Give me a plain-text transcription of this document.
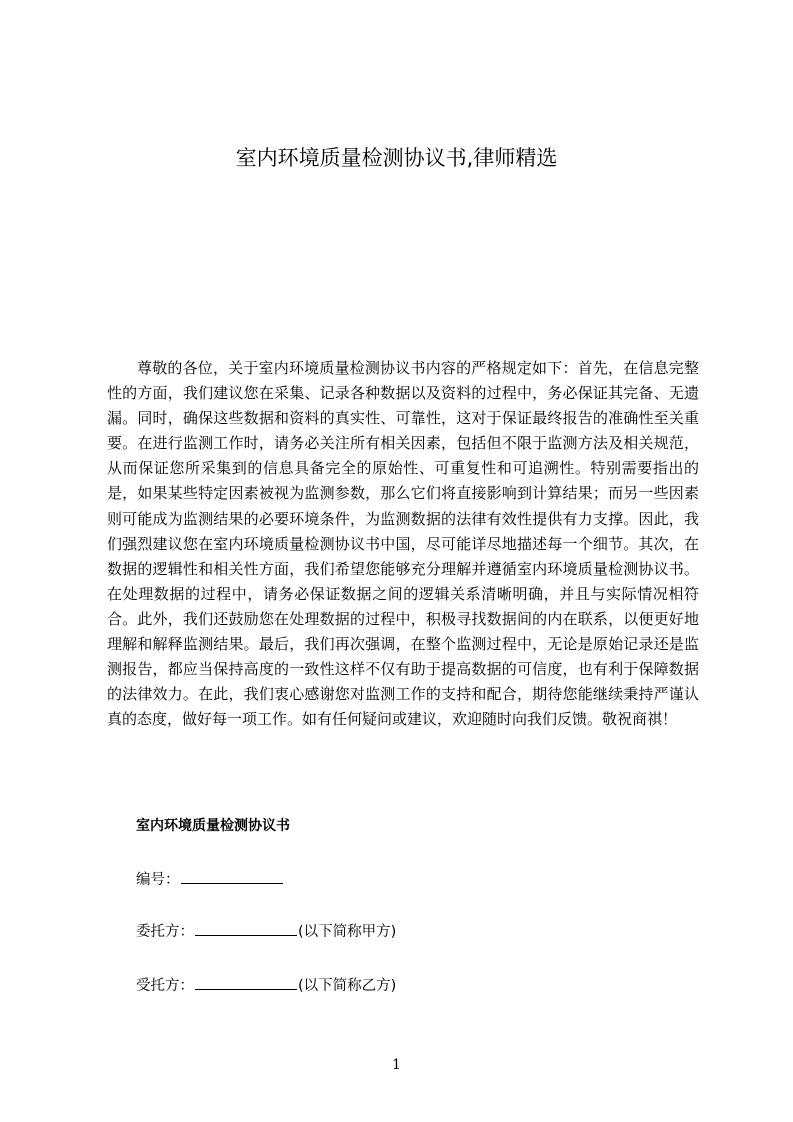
室内环境质量检测协议书,律师精选

尊敬的各位，关于室内环境质量检测协议书内容的严格规定如下：首先，在信息完整性的方面，我们建议您在采集、记录各种数据以及资料的过程中，务必保证其完备、无遗漏。同时，确保这些数据和资料的真实性、可靠性，这对于保证最终报告的准确性至关重要。在进行监测工作时，请务必关注所有相关因素，包括但不限于监测方法及相关规范，从而保证您所采集到的信息具备完全的原始性、可重复性和可追溯性。特别需要指出的是，如果某些特定因素被视为监测参数，那么它们将直接影响到计算结果；而另一些因素则可能成为监测结果的必要环境条件，为监测数据的法律有效性提供有力支撑。因此，我们强烈建议您在室内环境质量检测协议书中国，尽可能详尽地描述每一个细节。其次，在数据的逻辑性和相关性方面，我们希望您能够充分理解并遵循室内环境质量检测协议书。在处理数据的过程中，请务必保证数据之间的逻辑关系清晰明确，并且与实际情况相符合。此外，我们还鼓励您在处理数据的过程中，积极寻找数据间的内在联系，以便更好地理解和解释监测结果。最后，我们再次强调，在整个监测过程中，无论是原始记录还是监测报告，都应当保持高度的一致性这样不仅有助于提高数据的可信度，也有利于保障数据的法律效力。在此，我们衷心感谢您对监测工作的支持和配合，期待您能继续秉持严谨认真的态度，做好每一项工作。如有任何疑问或建议，欢迎随时向我们反馈。敬祝商祺！

室内环境质量检测协议书
编号：
委托方：	(以下简称甲方)
受托方：	(以下简称乙方)
1
